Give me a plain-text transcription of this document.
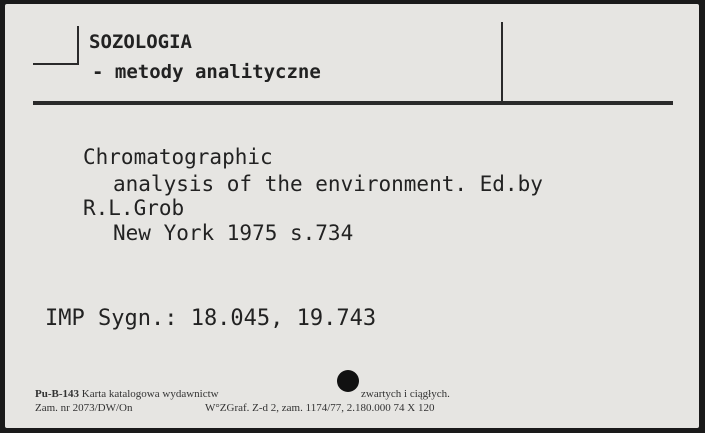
SOZOLOGIA
- metody analityczne
Chromatographic
analysis of the environment. Ed.by
R.L.Grob
New York 1975 s.734
IMP Sygn.: 18.045, 19.743
Pu-B-143 Karta katalogowa wydawnictw	zwartych i ciągłych.
Zam. nr 2073/DW/On	W°ZGraf. Z-d 2, zam. 1174/77, 2.180.000 74 X 120
